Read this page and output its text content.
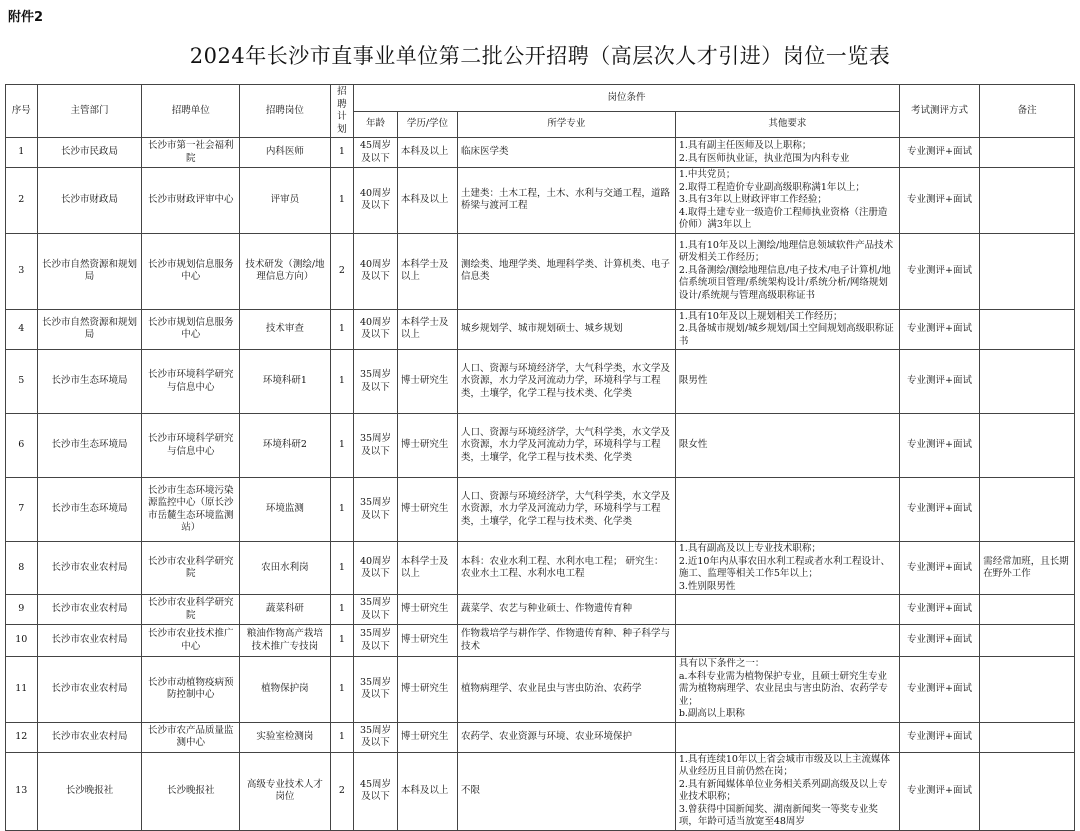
附件2
2024年长沙市直事业单位第二批公开招聘（高层次人才引进）岗位一览表
序号	主管部门	招聘单位	招聘岗位	招聘计划	岗位条件				考试测评方式	备注
					年龄	学历/学位	所学专业	其他要求		
1	长沙市民政局	长沙市第一社会福利院	内科医师	1	45周岁及以下	本科及以上	临床医学类	1.具有副主任医师及以上职称；
2.具有医师执业证，执业范围为内科专业	专业测评+面试	
2	长沙市财政局	长沙市财政评审中心	评审员	1	40周岁及以下	本科及以上	土建类：土木工程，土木、水利与交通工程，道路桥梁与渡河工程	1.中共党员；
2.取得工程造价专业副高级职称满1年以上；
3.具有3年以上财政评审工作经验；
4.取得土建专业一级造价工程师执业资格（注册造价师）满3年以上	专业测评+面试	
3	长沙市自然资源和规划局	长沙市规划信息服务中心	技术研发（测绘/地理信息方向）	2	40周岁及以下	本科学士及以上	测绘类、地理学类、地理科学类、计算机类、电子信息类	1.具有10年及以上测绘/地理信息领域软件产品技术研发相关工作经历；
2.具备测绘/测绘地理信息/电子技术/电子计算机/地信系统项目管理/系统架构设计/系统分析/网络规划设计/系统规与管理高级职称证书	专业测评+面试	
4	长沙市自然资源和规划局	长沙市规划信息服务中心	技术审查	1	40周岁及以下	本科学士及以上	城乡规划学、城市规划硕士、城乡规划	1.具有10年及以上规划相关工作经历；
2.具备城市规划/城乡规划/国土空间规划高级职称证书	专业测评+面试	
5	长沙市生态环境局	长沙市环境科学研究与信息中心	环境科研1	1	35周岁及以下	博士研究生	人口、资源与环境经济学，大气科学类，水文学及水资源，水力学及河流动力学，环境科学与工程类，土壤学，化学工程与技术类、化学类	限男性	专业测评+面试	
6	长沙市生态环境局	长沙市环境科学研究与信息中心	环境科研2	1	35周岁及以下	博士研究生	人口、资源与环境经济学，大气科学类，水文学及水资源，水力学及河流动力学，环境科学与工程类，土壤学，化学工程与技术类、化学类	限女性	专业测评+面试	
7	长沙市生态环境局	长沙市生态环境污染源监控中心（原长沙市岳麓生态环境监测站）	环境监测	1	35周岁及以下	博士研究生	人口、资源与环境经济学，大气科学类，水文学及水资源，水力学及河流动力学，环境科学与工程类，土壤学，化学工程与技术类、化学类		专业测评+面试	
8	长沙市农业农村局	长沙市农业科学研究院	农田水利岗	1	40周岁及以下	本科学士及以上	本科：农业水利工程、水利水电工程； 研究生：农业水土工程、水利水电工程	1.具有副高及以上专业技术职称；
2.近10年内从事农田水利工程或者水利工程设计、施工、监理等相关工作5年以上；
3.性别限男性	专业测评+面试	需经常加班，且长期在野外工作
9	长沙市农业农村局	长沙市农业科学研究院	蔬菜科研	1	35周岁及以下	博士研究生	蔬菜学、农艺与种业硕士、作物遗传育种		专业测评+面试	
10	长沙市农业农村局	长沙市农业技术推广中心	粮油作物高产栽培技术推广专技岗	1	35周岁及以下	博士研究生	作物栽培学与耕作学、作物遗传育种、种子科学与技术		专业测评+面试	
11	长沙市农业农村局	长沙市动植物疫病预防控制中心	植物保护岗	1	35周岁及以下	博士研究生	植物病理学、农业昆虫与害虫防治、农药学	具有以下条件之一：
a.本科专业需为植物保护专业，且硕士研究生专业需为植物病理学、农业昆虫与害虫防治、农药学专业；
b.副高以上职称	专业测评+面试	
12	长沙市农业农村局	长沙市农产品质量监测中心	实验室检测岗	1	35周岁及以下	博士研究生	农药学、农业资源与环境、农业环境保护		专业测评+面试	
13	长沙晚报社	长沙晚报社	高级专业技术人才岗位	2	45周岁及以下	本科及以上	不限	1.具有连续10年以上省会城市市级及以上主流媒体从业经历且目前仍然在岗；
2.具有新闻媒体单位业务相关系列副高级及以上专业技术职称；
3.曾获得中国新闻奖、湖南新闻奖一等奖专业奖项，年龄可适当放宽至48周岁	专业测评+面试	
